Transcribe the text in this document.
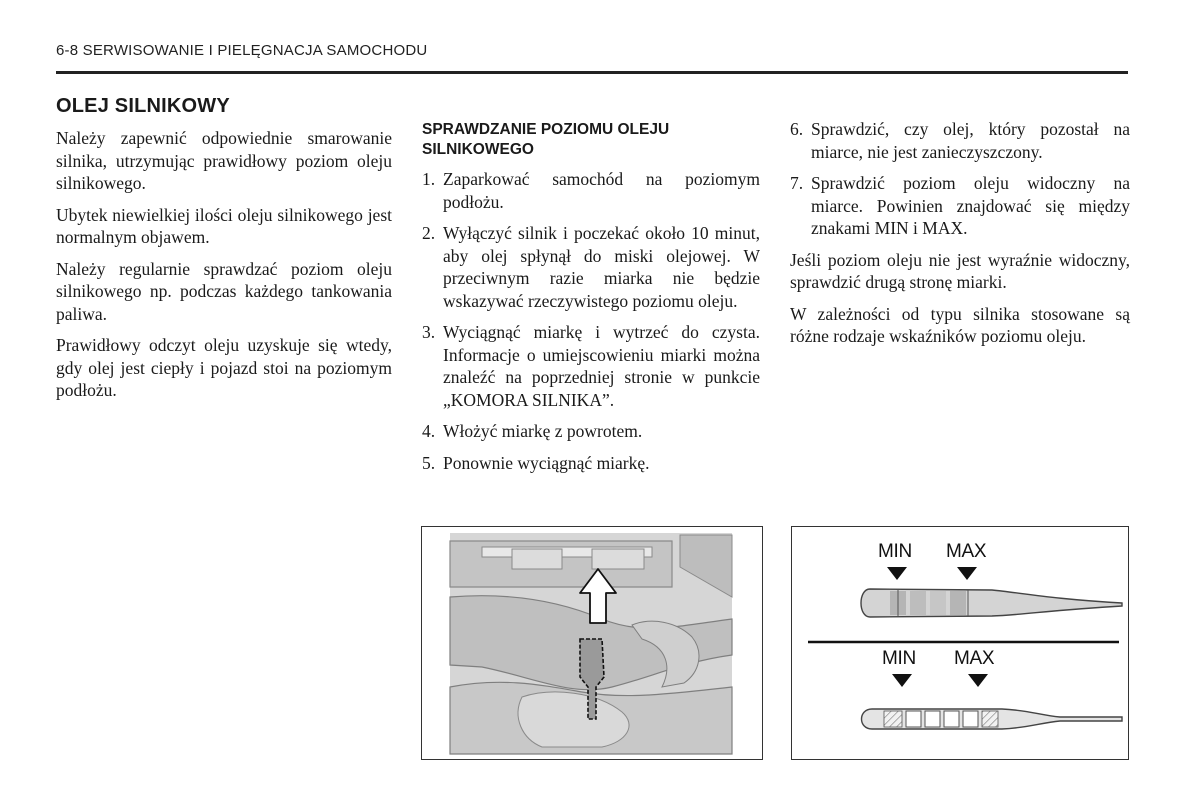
6-8 SERWISOWANIE I PIELĘGNACJA SAMOCHODU
OLEJ SILNIKOWY

Należy zapewnić odpowiednie smarowanie silnika, utrzymując prawidłowy poziom oleju silnikowego.

Ubytek niewielkiej ilości oleju silnikowego jest normalnym objawem.

Należy regularnie sprawdzać poziom oleju silnikowego np. podczas każdego tankowania paliwa.

Prawidłowy odczyt oleju uzyskuje się wtedy, gdy olej jest ciepły i pojazd stoi na poziomym podłożu.

SPRAWDZANIE POZIOMU OLEJU SILNIKOWEGO
1. Zaparkować samochód na poziomym podłożu.
2. Wyłączyć silnik i poczekać około 10 minut, aby olej spłynął do miski olejowej. W przeciwnym razie miarka nie będzie wskazywać rzeczywistego poziomu oleju.
3. Wyciągnąć miarkę i wytrzeć do czysta. Informacje o umiejscowieniu miarki można znaleźć na poprzedniej stronie w punkcie „KOMORA SILNIKA”.
4. Włożyć miarkę z powrotem.
5. Ponownie wyciągnąć miarkę.
6. Sprawdzić, czy olej, który pozostał na miarce, nie jest zanieczyszczony.
7. Sprawdzić poziom oleju widoczny na miarce. Powinien znajdować się między znakami MIN i MAX.

Jeśli poziom oleju nie jest wyraźnie widoczny, sprawdzić drugą stronę miarki.

W zależności od typu silnika stosowane są różne rodzaje wskaźników poziomu oleju.

MIN MAX
MIN MAX
